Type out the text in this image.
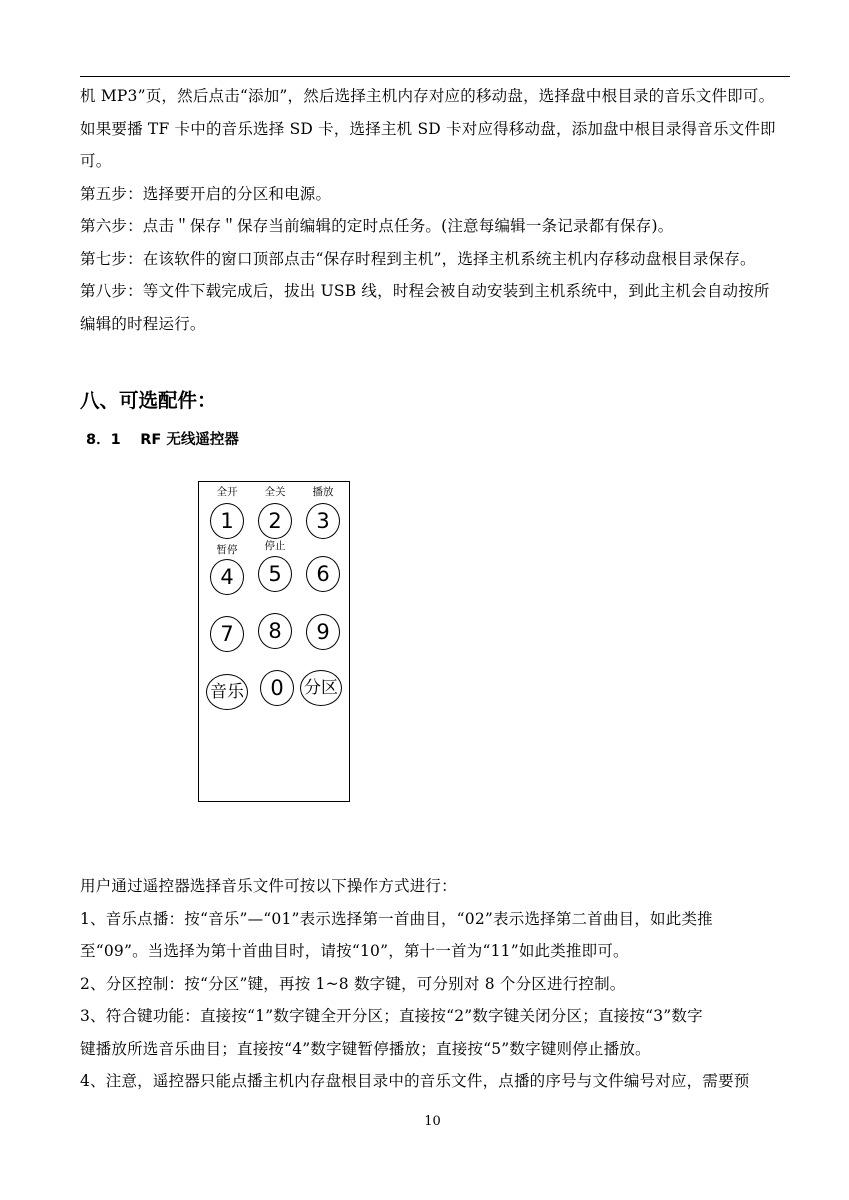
机 MP3”页，然后点击“添加”，然后选择主机内存对应的移动盘，选择盘中根目录的音乐文件即可。
如果要播 TF 卡中的音乐选择 SD 卡，选择主机 SD 卡对应得移动盘，添加盘中根目录得音乐文件即
可。
第五步：选择要开启的分区和电源。
第六步：点击＂保存＂保存当前编辑的定时点任务。(注意每编辑一条记录都有保存)。
第七步：在该软件的窗口顶部点击“保存时程到主机”，选择主机系统主机内存移动盘根目录保存。
第八步：等文件下载完成后，拔出 USB 线，时程会被自动安装到主机系统中，到此主机会自动按所
编辑的时程运行。
八、可选配件：
8．1　 RF 无线遥控器
全开	全关	播放
1	2	3
暂停	停止
4	5	6
7	8	9
音乐	0	分区
用户通过遥控器选择音乐文件可按以下操作方式进行：
1、音乐点播：按“音乐”—“01”表示选择第一首曲目，“02”表示选择第二首曲目，如此类推
至“09”。当选择为第十首曲目时，请按“10”，第十一首为“11”如此类推即可。
2、分区控制：按“分区”键，再按 1~8 数字键，可分别对 8 个分区进行控制。
3、符合键功能：直接按“1”数字键全开分区；直接按“2”数字键关闭分区；直接按“3”数字
键播放所选音乐曲目；直接按“4”数字键暂停播放；直接按“5”数字键则停止播放。
4、注意，遥控器只能点播主机内存盘根目录中的音乐文件，点播的序号与文件编号对应，需要预
10
